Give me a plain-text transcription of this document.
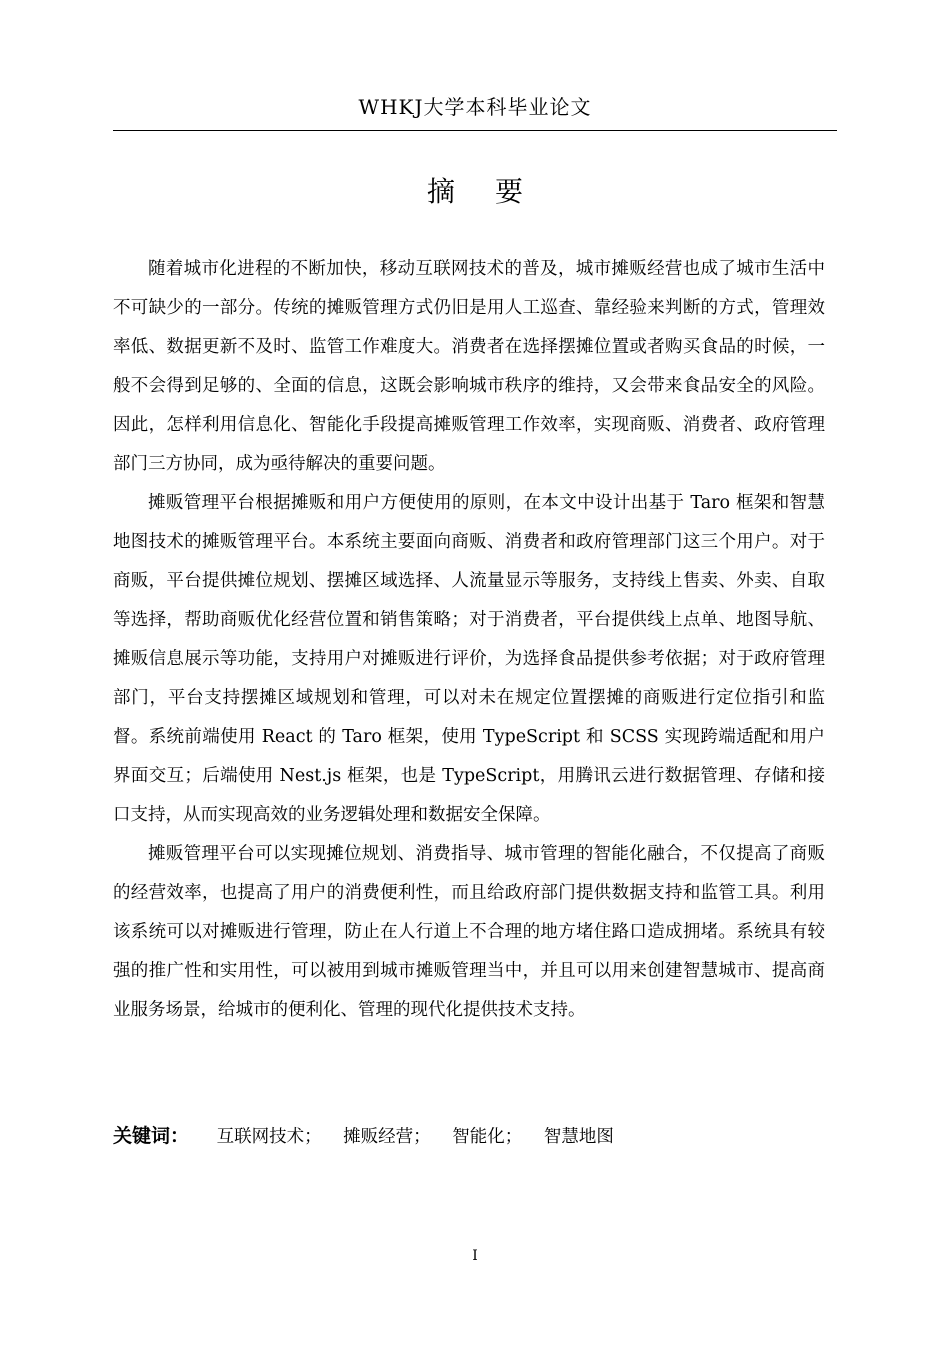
WHKJ大学本科毕业论文
摘要

随着城市化进程的不断加快，移动互联网技术的普及，城市摊贩经营也成了城市生活中不可缺少的一部分。传统的摊贩管理方式仍旧是用人工巡查、靠经验来判断的方式，管理效率低、数据更新不及时、监管工作难度大。消费者在选择摆摊位置或者购买食品的时候，一般不会得到足够的、全面的信息，这既会影响城市秩序的维持，又会带来食品安全的风险。因此，怎样利用信息化、智能化手段提高摊贩管理工作效率，实现商贩、消费者、政府管理部门三方协同，成为亟待解决的重要问题。

摊贩管理平台根据摊贩和用户方便使用的原则，在本文中设计出基于 Taro 框架和智慧地图技术的摊贩管理平台。本系统主要面向商贩、消费者和政府管理部门这三个用户。对于商贩，平台提供摊位规划、摆摊区域选择、人流量显示等服务，支持线上售卖、外卖、自取等选择，帮助商贩优化经营位置和销售策略；对于消费者，平台提供线上点单、地图导航、摊贩信息展示等功能，支持用户对摊贩进行评价，为选择食品提供参考依据；对于政府管理部门，平台支持摆摊区域规划和管理，可以对未在规定位置摆摊的商贩进行定位指引和监督。系统前端使用 React 的 Taro 框架，使用 TypeScript 和 SCSS 实现跨端适配和用户界面交互；后端使用 Nest.js 框架，也是 TypeScript，用腾讯云进行数据管理、存储和接口支持，从而实现高效的业务逻辑处理和数据安全保障。

摊贩管理平台可以实现摊位规划、消费指导、城市管理的智能化融合，不仅提高了商贩的经营效率，也提高了用户的消费便利性，而且给政府部门提供数据支持和监管工具。利用该系统可以对摊贩进行管理，防止在人行道上不合理的地方堵住路口造成拥堵。系统具有较强的推广性和实用性，可以被用到城市摊贩管理当中，并且可以用来创建智慧城市、提高商业服务场景，给城市的便利化、管理的现代化提供技术支持。

关键词： 互联网技术； 摊贩经营； 智能化； 智慧地图
I
